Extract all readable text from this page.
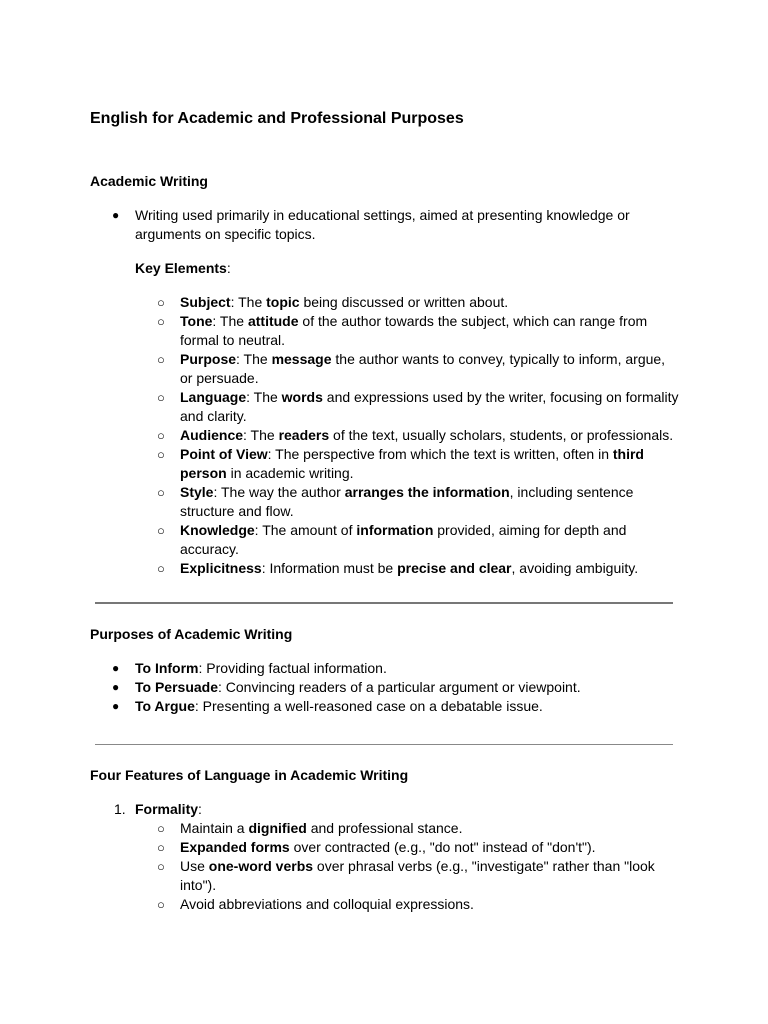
English for Academic and Professional Purposes
Academic Writing
● Writing used primarily in educational settings, aimed at presenting knowledge or arguments on specific topics.
Key Elements:
○ Subject: The topic being discussed or written about.
○ Tone: The attitude of the author towards the subject, which can range from formal to neutral.
○ Purpose: The message the author wants to convey, typically to inform, argue, or persuade.
○ Language: The words and expressions used by the writer, focusing on formality and clarity.
○ Audience: The readers of the text, usually scholars, students, or professionals.
○ Point of View: The perspective from which the text is written, often in third person in academic writing.
○ Style: The way the author arranges the information, including sentence structure and flow.
○ Knowledge: The amount of information provided, aiming for depth and accuracy.
○ Explicitness: Information must be precise and clear, avoiding ambiguity.
Purposes of Academic Writing
● To Inform: Providing factual information.
● To Persuade: Convincing readers of a particular argument or viewpoint.
● To Argue: Presenting a well-reasoned case on a debatable issue.
Four Features of Language in Academic Writing
1. Formality:
○ Maintain a dignified and professional stance.
○ Expanded forms over contracted (e.g., "do not" instead of "don't").
○ Use one-word verbs over phrasal verbs (e.g., "investigate" rather than "look into").
○ Avoid abbreviations and colloquial expressions.
